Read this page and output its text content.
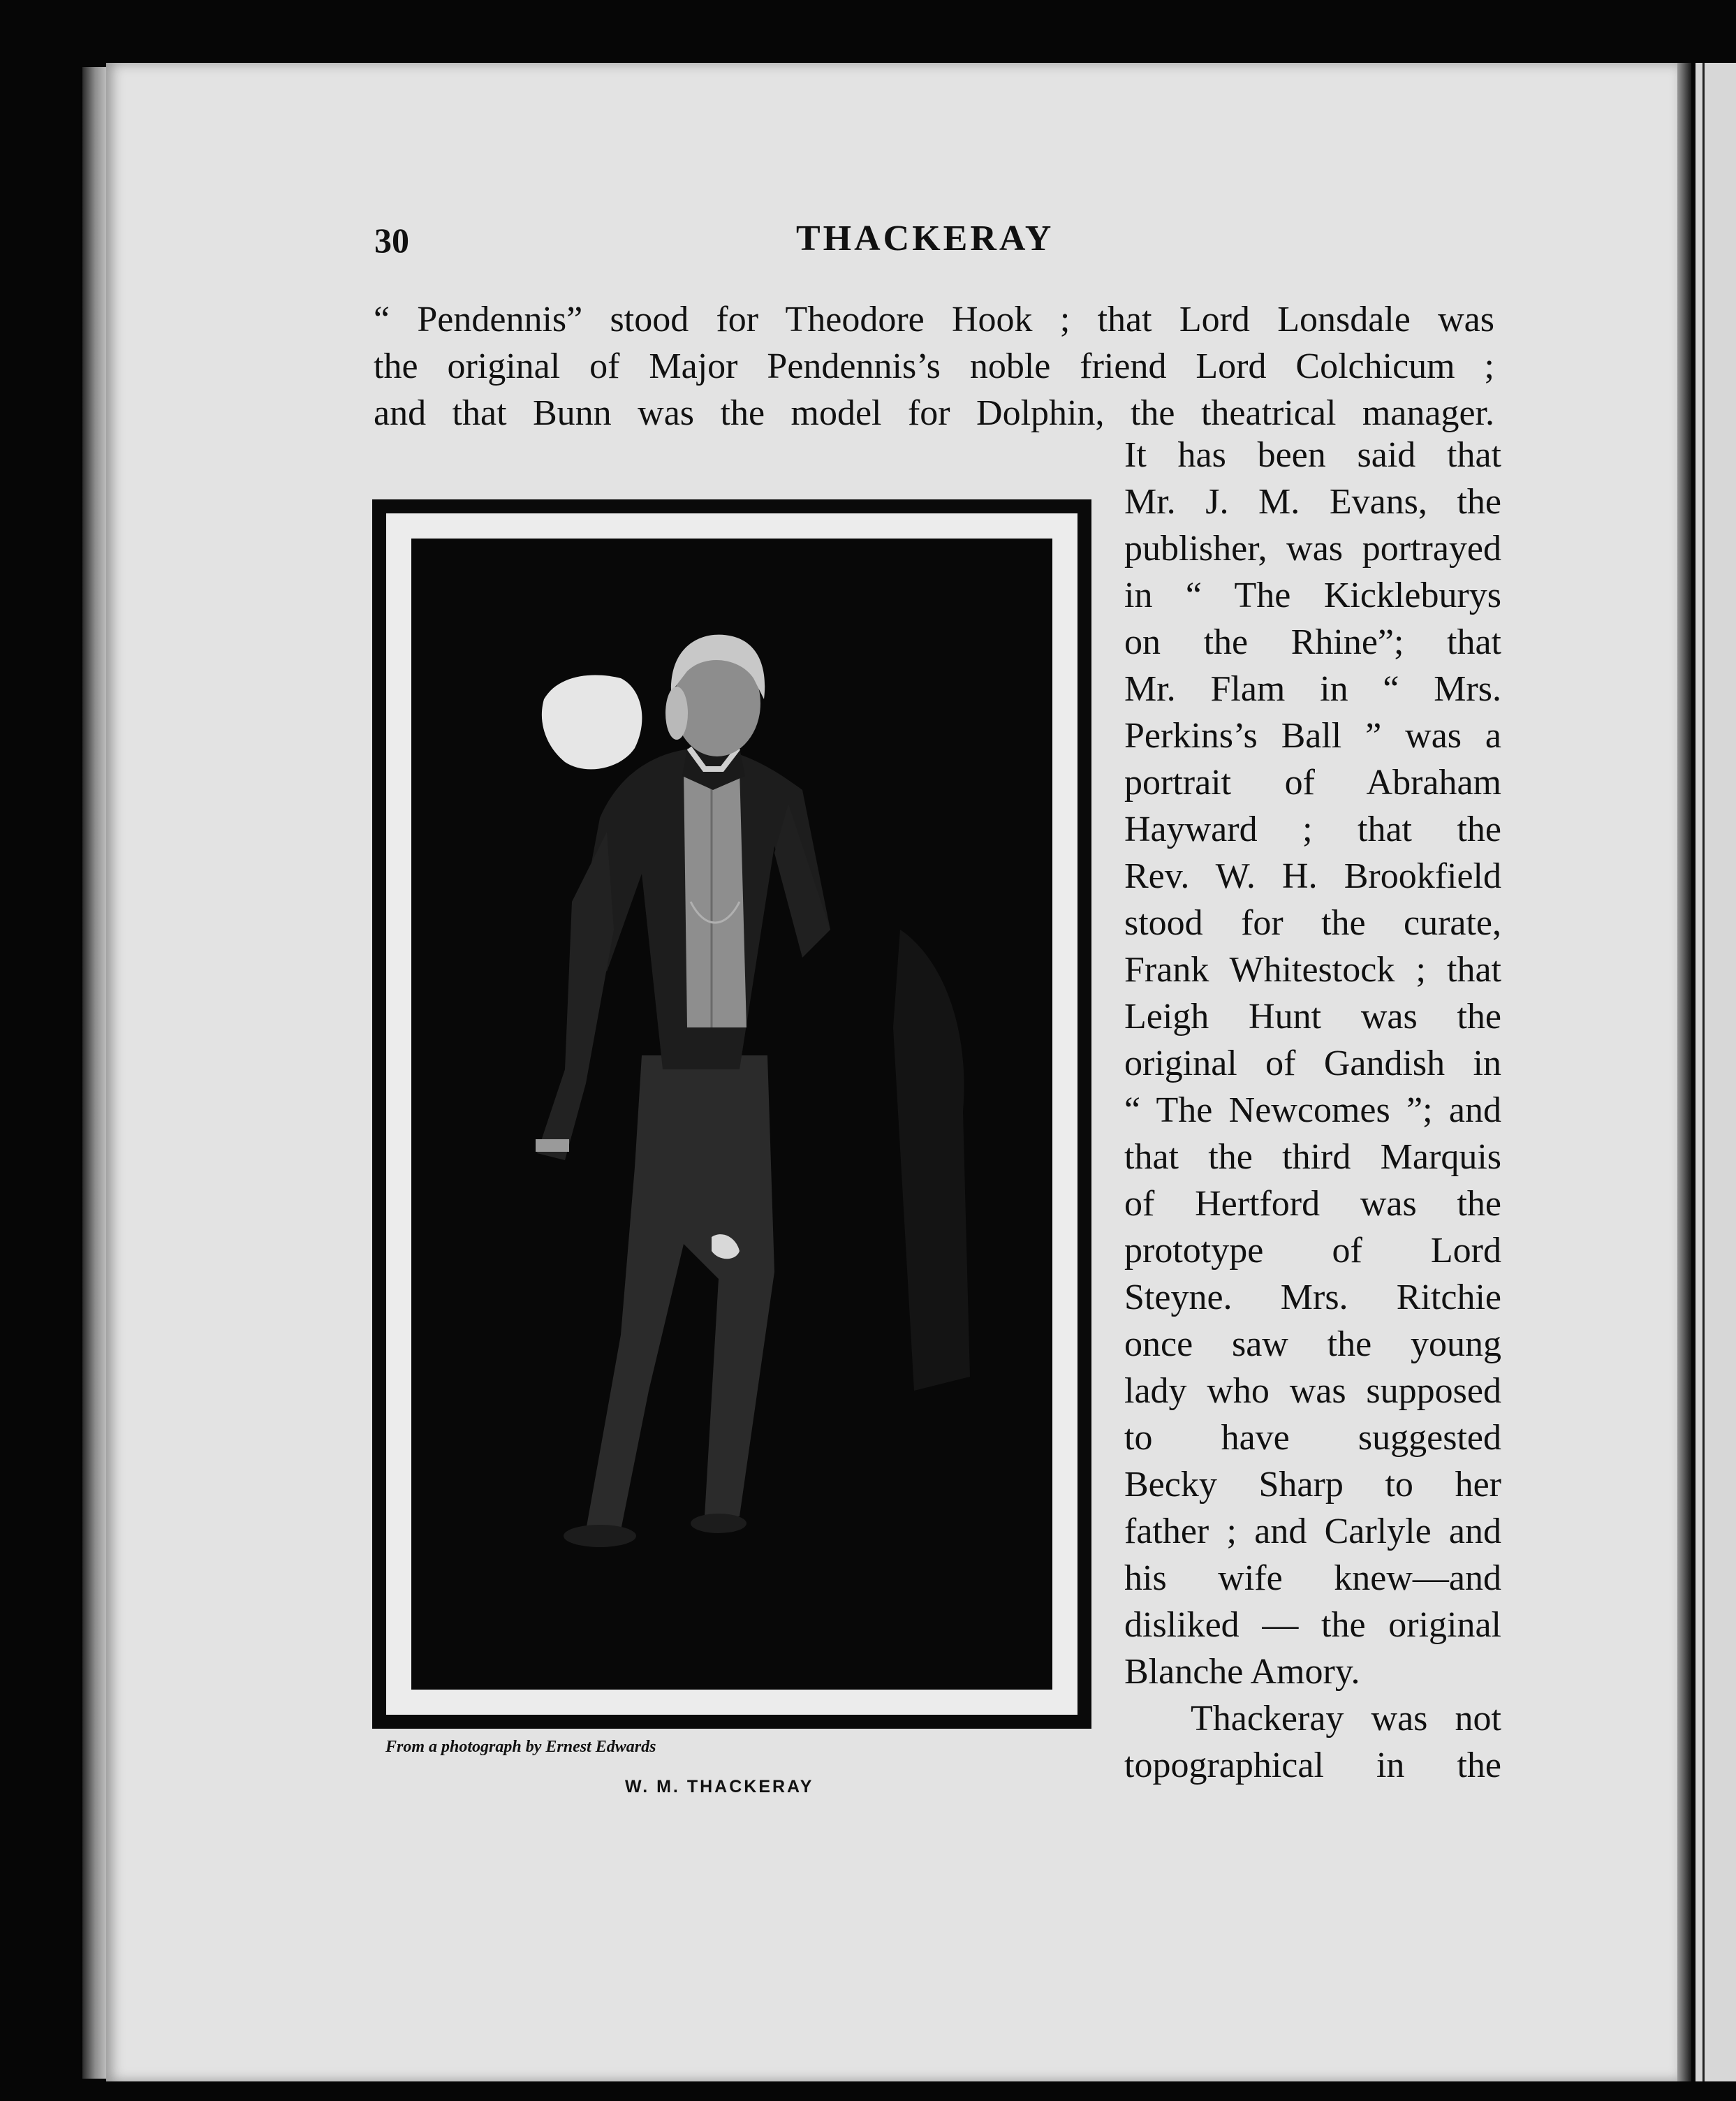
30	THACKERAY
“ Pendennis” stood for Theodore Hook ; that Lord Lonsdale was
the original of Major Pendennis’s noble friend Lord Colchicum ;
and that Bunn was the model for Dolphin, the theatrical manager.
It has been said that
Mr. J. M. Evans, the
publisher, was portrayed
in “ The Kickleburys
on the Rhine”; that
Mr. Flam in “ Mrs.
Perkins’s Ball ” was a
portrait of Abraham
Hayward ; that the
Rev. W. H. Brookfield
stood for the curate,
Frank Whitestock ; that
Leigh Hunt was the
original of Gandish in
“ The Newcomes ”; and
that the third Marquis
of Hertford was the
prototype of Lord
Steyne. Mrs. Ritchie
once saw the young
lady who was supposed
to have suggested
Becky Sharp to her
father ; and Carlyle and
his wife knew—and
disliked — the original
Blanche Amory.
Thackeray was not
topographical in the
From a photograph by Ernest Edwards
W. M. THACKERAY
